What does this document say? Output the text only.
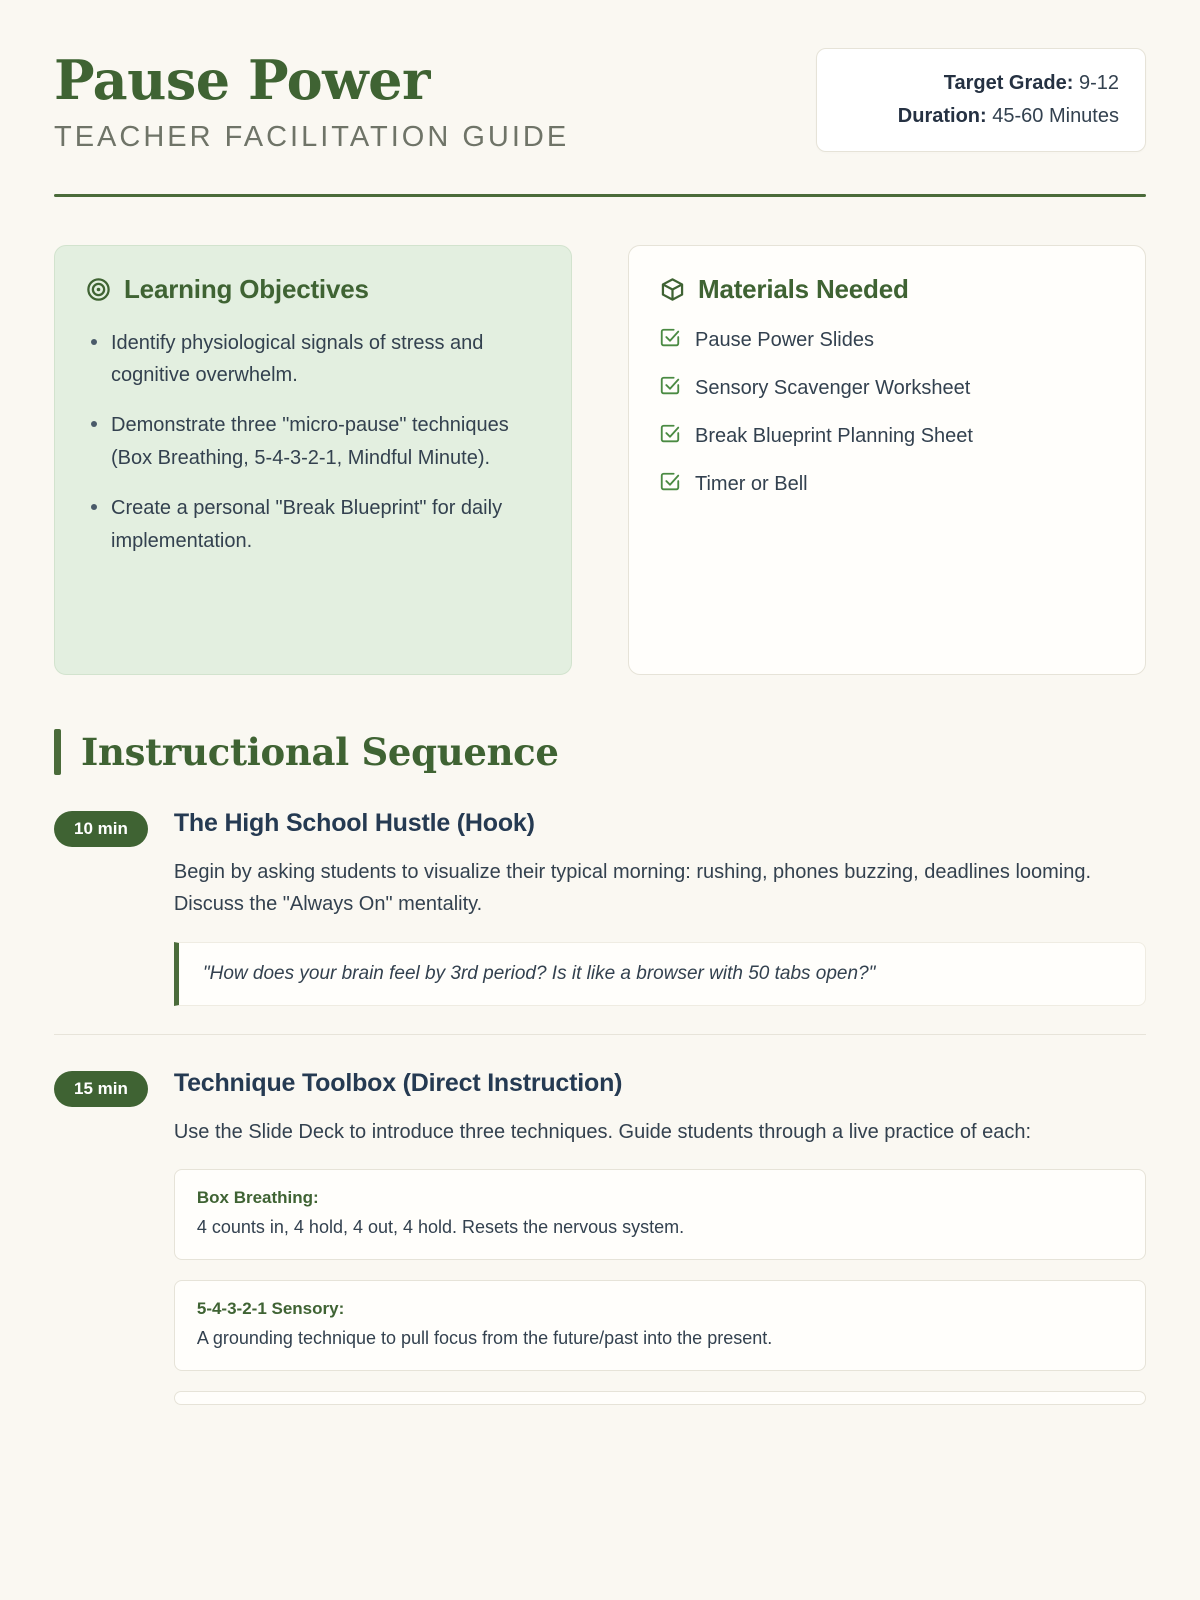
Pause Power
TEACHER FACILITATION GUIDE
Target Grade: 9-12
Duration: 45-60 Minutes
Learning Objectives
Identify physiological signals of stress and cognitive overwhelm.
Demonstrate three "micro-pause" techniques (Box Breathing, 5-4-3-2-1, Mindful Minute).
Create a personal "Break Blueprint" for daily implementation.
Materials Needed
Pause Power Slides
Sensory Scavenger Worksheet
Break Blueprint Planning Sheet
Timer or Bell
Instructional Sequence
10 min	The High School Hustle (Hook)
Begin by asking students to visualize their typical morning: rushing, phones buzzing, deadlines looming. Discuss the "Always On" mentality.
"How does your brain feel by 3rd period? Is it like a browser with 50 tabs open?"
15 min	Technique Toolbox (Direct Instruction)
Use the Slide Deck to introduce three techniques. Guide students through a live practice of each:
Box Breathing:
4 counts in, 4 hold, 4 out, 4 hold. Resets the nervous system.
5-4-3-2-1 Sensory:
A grounding technique to pull focus from the future/past into the present.
